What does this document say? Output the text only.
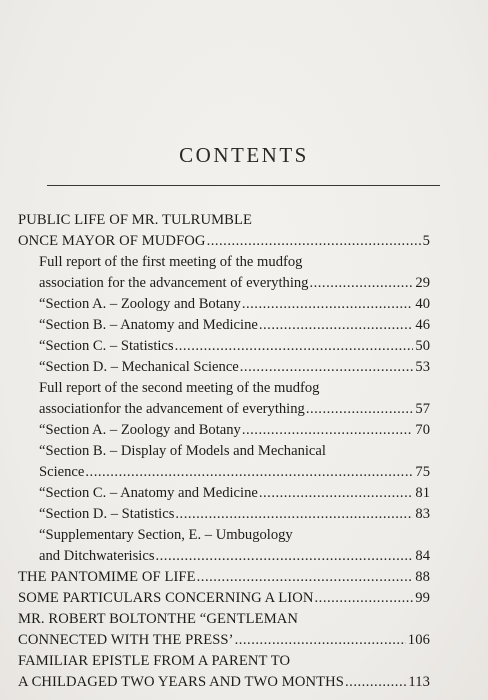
CONTENTS
PUBLIC LIFE OF MR. TULRUMBLE
ONCE MAYOR OF MUDFOG .....	5
Full report of the first meeting of the mudfog
association for the advancement of everything .....	29
“Section A. – Zoology and Botany .....	40
“Section B. – Anatomy and Medicine .....	46
“Section C. – Statistics .....	50
“Section D. – Mechanical Science .....	53
Full report of the second meeting of the mudfog
associationfor the advancement of everything .....	57
“Section A. – Zoology and Botany .....	70
“Section B. – Display of Models and Mechanical
Science .....	75
“Section C. – Anatomy and Medicine .....	81
“Section D. – Statistics .....	83
“Supplementary Section, E. – Umbugology
and Ditchwaterisics .....	84
THE PANTOMIME OF LIFE .....	88
SOME PARTICULARS CONCERNING A LION .....	99
MR. ROBERT BOLTONTHE “GENTLEMAN
CONNECTED WITH THE PRESS’ .....	106
FAMILIAR EPISTLE FROM A PARENT TO
A CHILDAGED TWO YEARS AND TWO MONTHS .....	113
